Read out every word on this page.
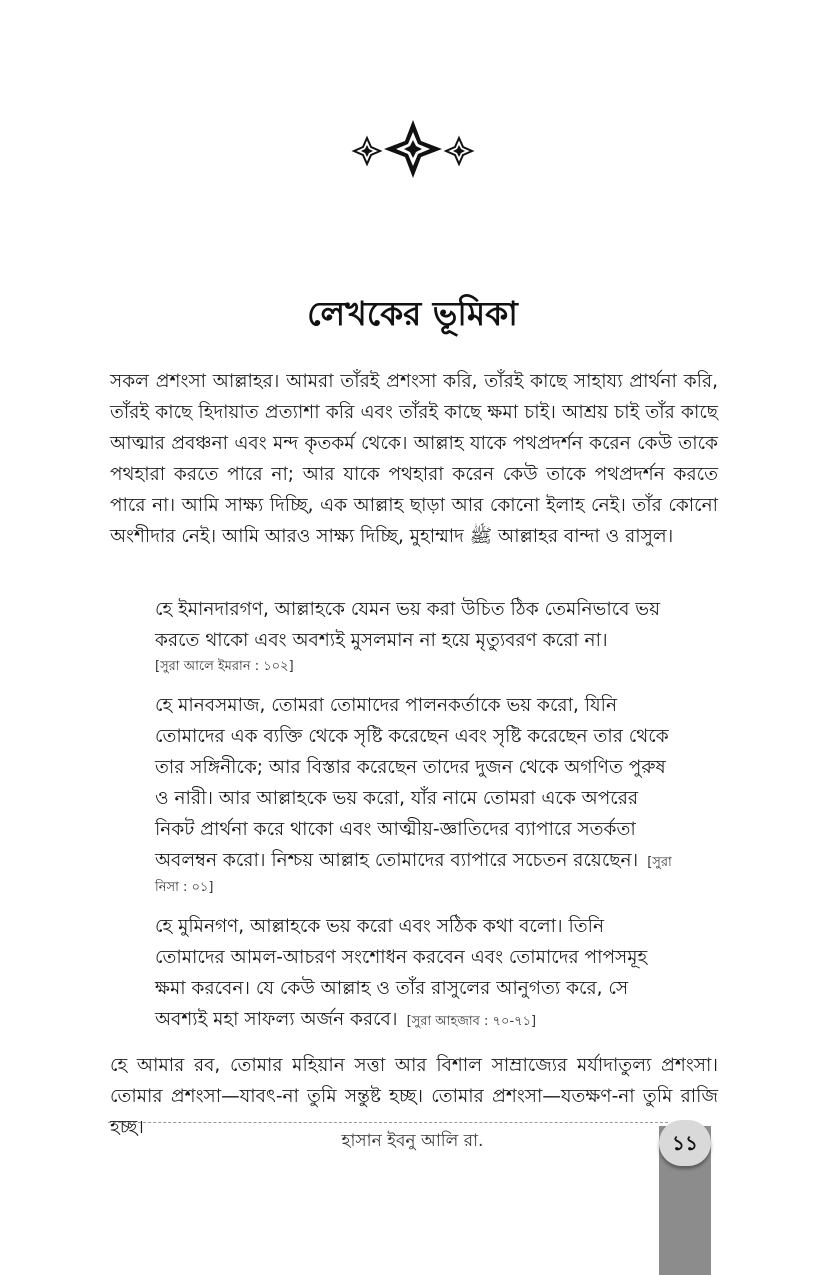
লেখকের ভূমিকা

সকল প্রশংসা আল্লাহর। আমরা তাঁরই প্রশংসা করি, তাঁরই কাছে সাহায্য প্রার্থনা করি, তাঁরই কাছে হিদায়াত প্রত্যাশা করি এবং তাঁরই কাছে ক্ষমা চাই। আশ্রয় চাই তাঁর কাছে আত্মার প্রবঞ্চনা এবং মন্দ কৃতকর্ম থেকে। আল্লাহ যাকে পথপ্রদর্শন করেন কেউ তাকে পথহারা করতে পারে না; আর যাকে পথহারা করেন কেউ তাকে পথপ্রদর্শন করতে পারে না। আমি সাক্ষ্য দিচ্ছি, এক আল্লাহ ছাড়া আর কোনো ইলাহ নেই। তাঁর কোনো অংশীদার নেই। আমি আরও সাক্ষ্য দিচ্ছি, মুহাম্মাদ ﷺ আল্লাহর বান্দা ও রাসুল।

হে ইমানদারগণ, আল্লাহকে যেমন ভয় করা উচিত ঠিক তেমনিভাবে ভয় করতে থাকো এবং অবশ্যই মুসলমান না হয়ে মৃত্যুবরণ করো না।

[সুরা আলে ইমরান : ১০২]

হে মানবসমাজ, তোমরা তোমাদের পালনকর্তাকে ভয় করো, যিনি তোমাদের এক ব্যক্তি থেকে সৃষ্টি করেছেন এবং সৃষ্টি করেছেন তার থেকে তার সঙ্গিনীকে; আর বিস্তার করেছেন তাদের দুজন থেকে অগণিত পুরুষ ও নারী। আর আল্লাহকে ভয় করো, যাঁর নামে তোমরা একে অপরের নিকট প্রার্থনা করে থাকো এবং আত্মীয়-জ্ঞাতিদের ব্যাপারে সতর্কতা অবলম্বন করো। নিশ্চয় আল্লাহ তোমাদের ব্যাপারে সচেতন রয়েছেন। [সুরা নিসা : ০১]

হে মুমিনগণ, আল্লাহকে ভয় করো এবং সঠিক কথা বলো। তিনি তোমাদের আমল-আচরণ সংশোধন করবেন এবং তোমাদের পাপসমূহ ক্ষমা করবেন। যে কেউ আল্লাহ ও তাঁর রাসুলের আনুগত্য করে, সে অবশ্যই মহা সাফল্য অর্জন করবে। [সুরা আহজাব : ৭০-৭১]

হে আমার রব, তোমার মহিয়ান সত্তা আর বিশাল সাম্রাজ্যের মর্যাদাতুল্য প্রশংসা। তোমার প্রশংসা—যাবৎ-না তুমি সন্তুষ্ট হচ্ছ। তোমার প্রশংসা—যতক্ষণ-না তুমি রাজি হচ্ছ।

হাসান ইবনু আলি রা.	১১
